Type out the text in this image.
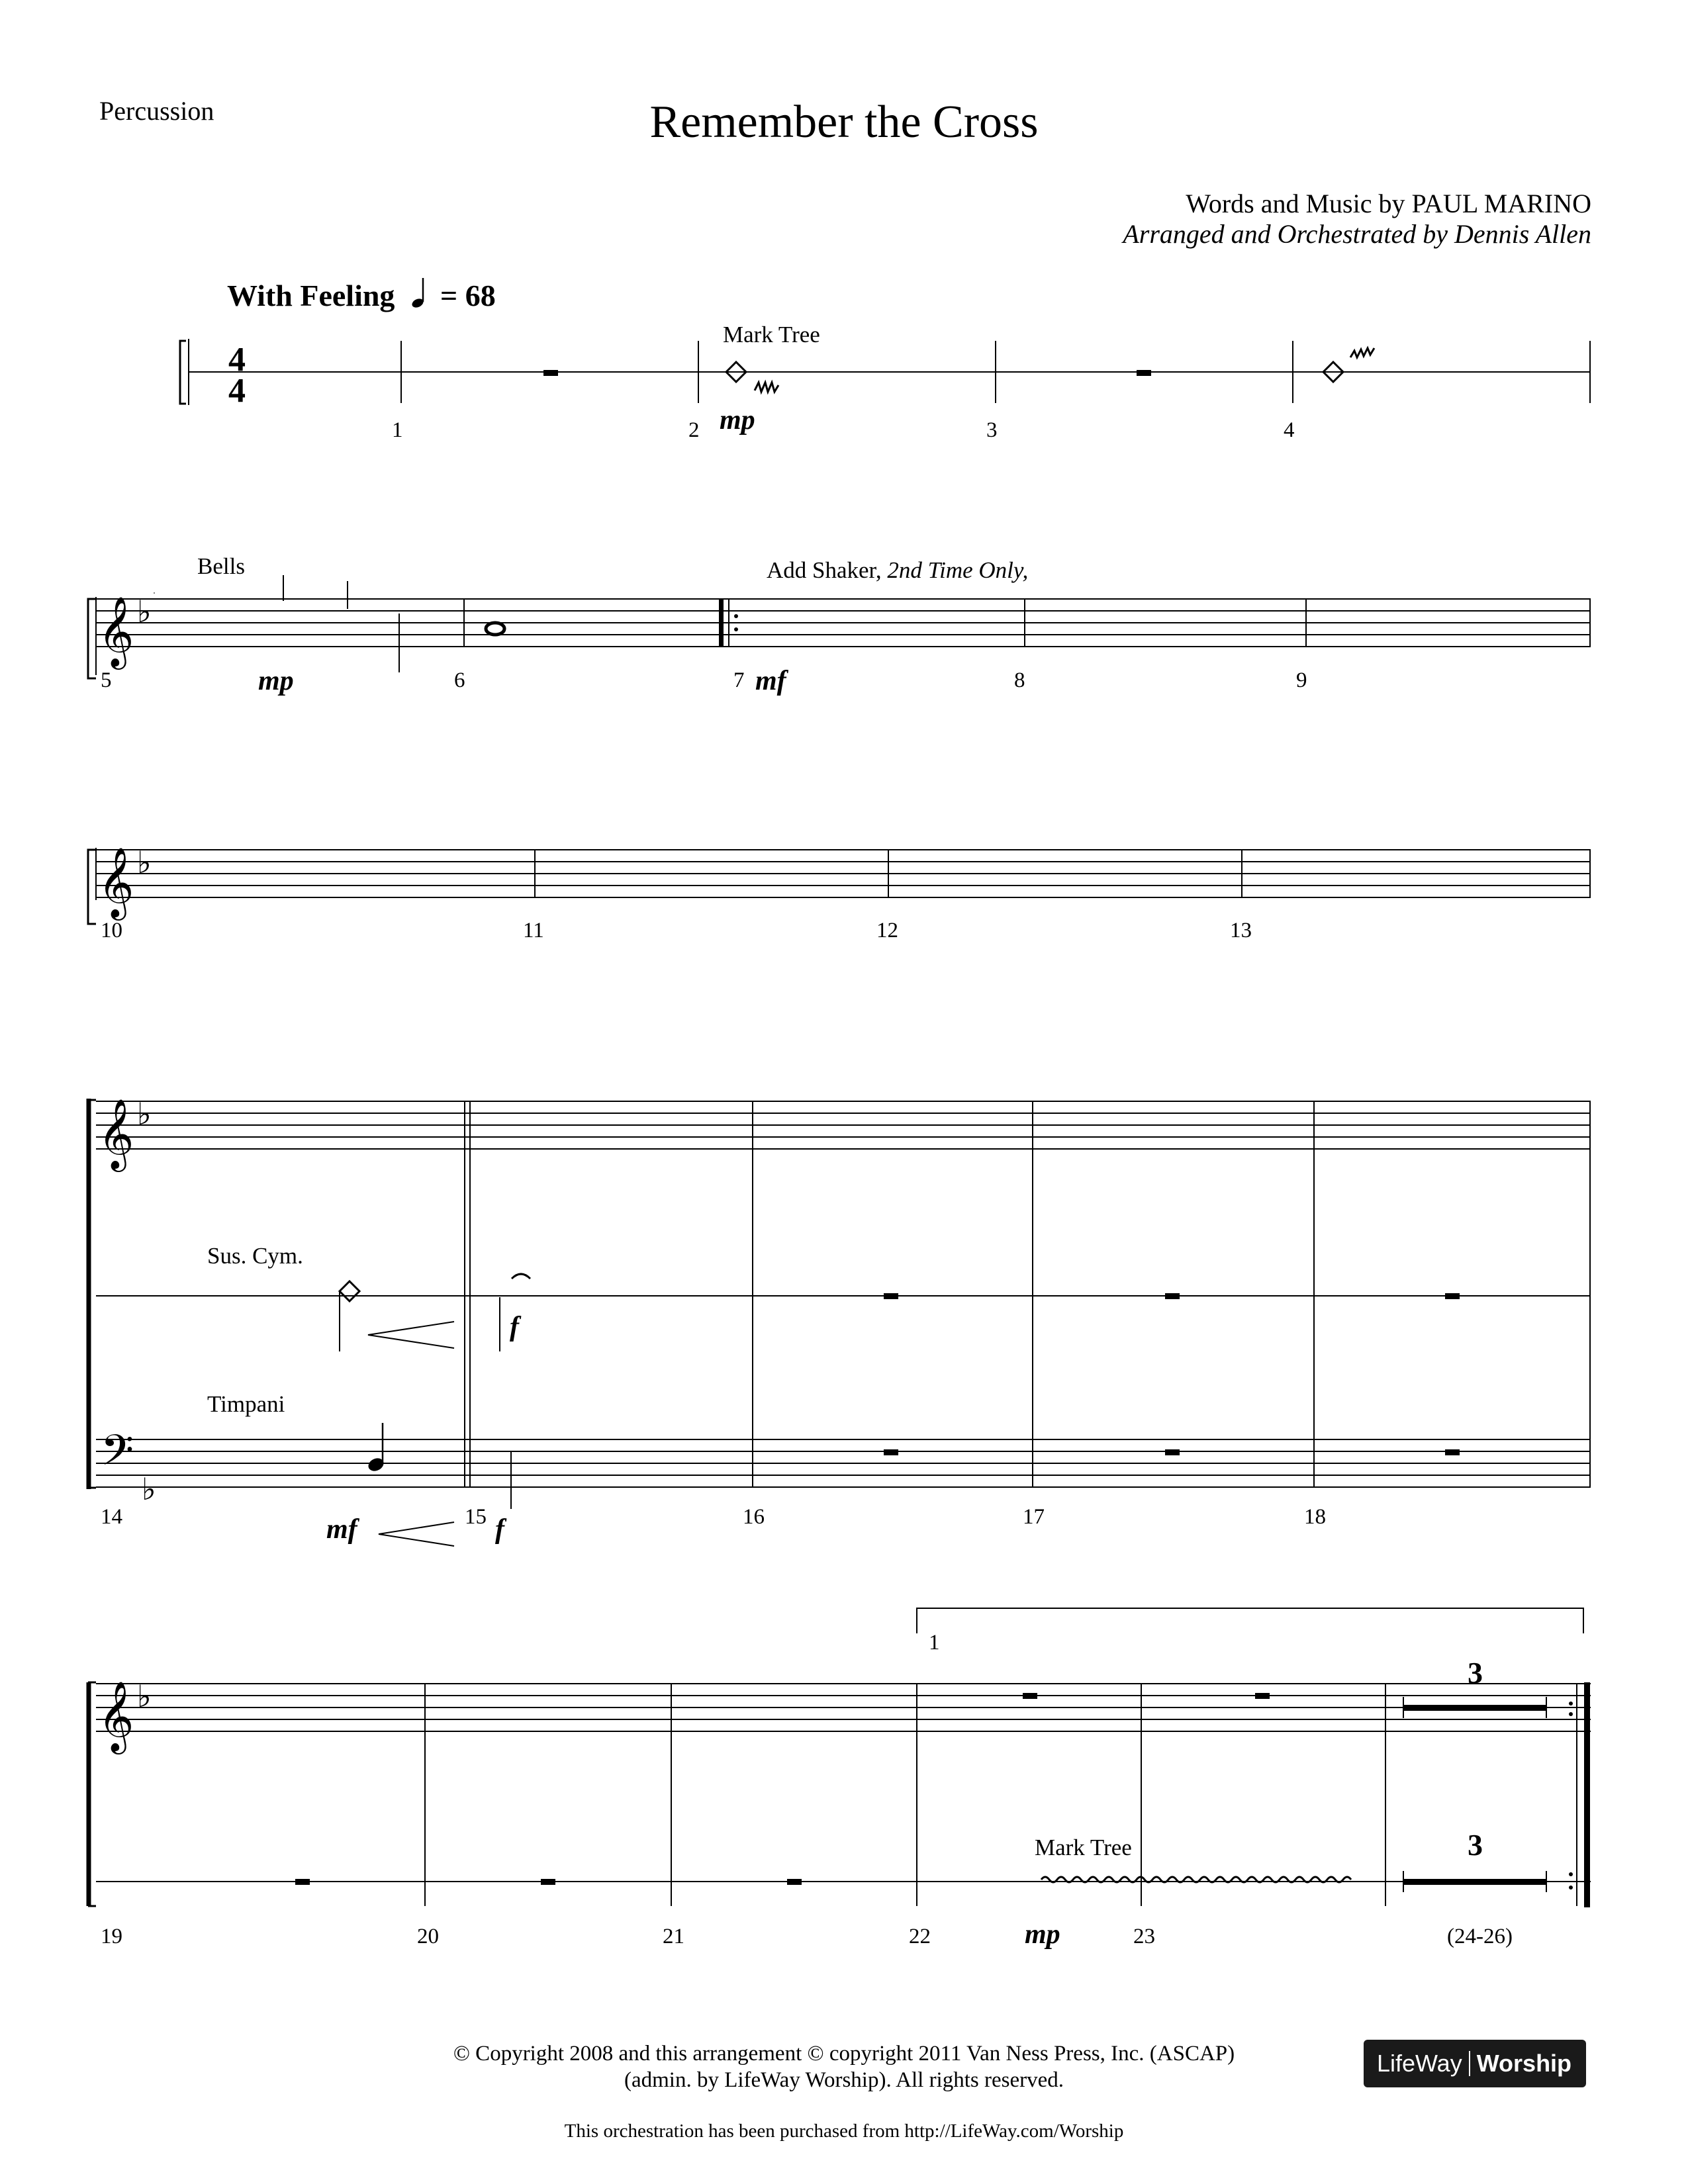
Percussion	Remember the Cross
Words and Music by PAUL MARINO
Arranged and Orchestrated by Dennis Allen
With Feeling = 68
𝄞 ♭
𝄞 ♭
𝄞 ♭
𝄢
♭
𝄞 ♭
4
4
Mark Tree
mp
1	2	3	4
Bells	Add Shaker, 2nd Time Only,
mp	mf
5	6	7	8	9
10	11	12	13
Sus. Cym.
Timpani
f
mf	f
14	15	16	17	18
1
3
3
Mark Tree
mp
19	20	21	22	23	(24-26)
© Copyright 2008 and this arrangement © copyright 2011 Van Ness Press, Inc. (ASCAP)
(admin. by LifeWay Worship). All rights reserved.
This orchestration has been purchased from http://LifeWay.com/Worship
LifeWay Worship
